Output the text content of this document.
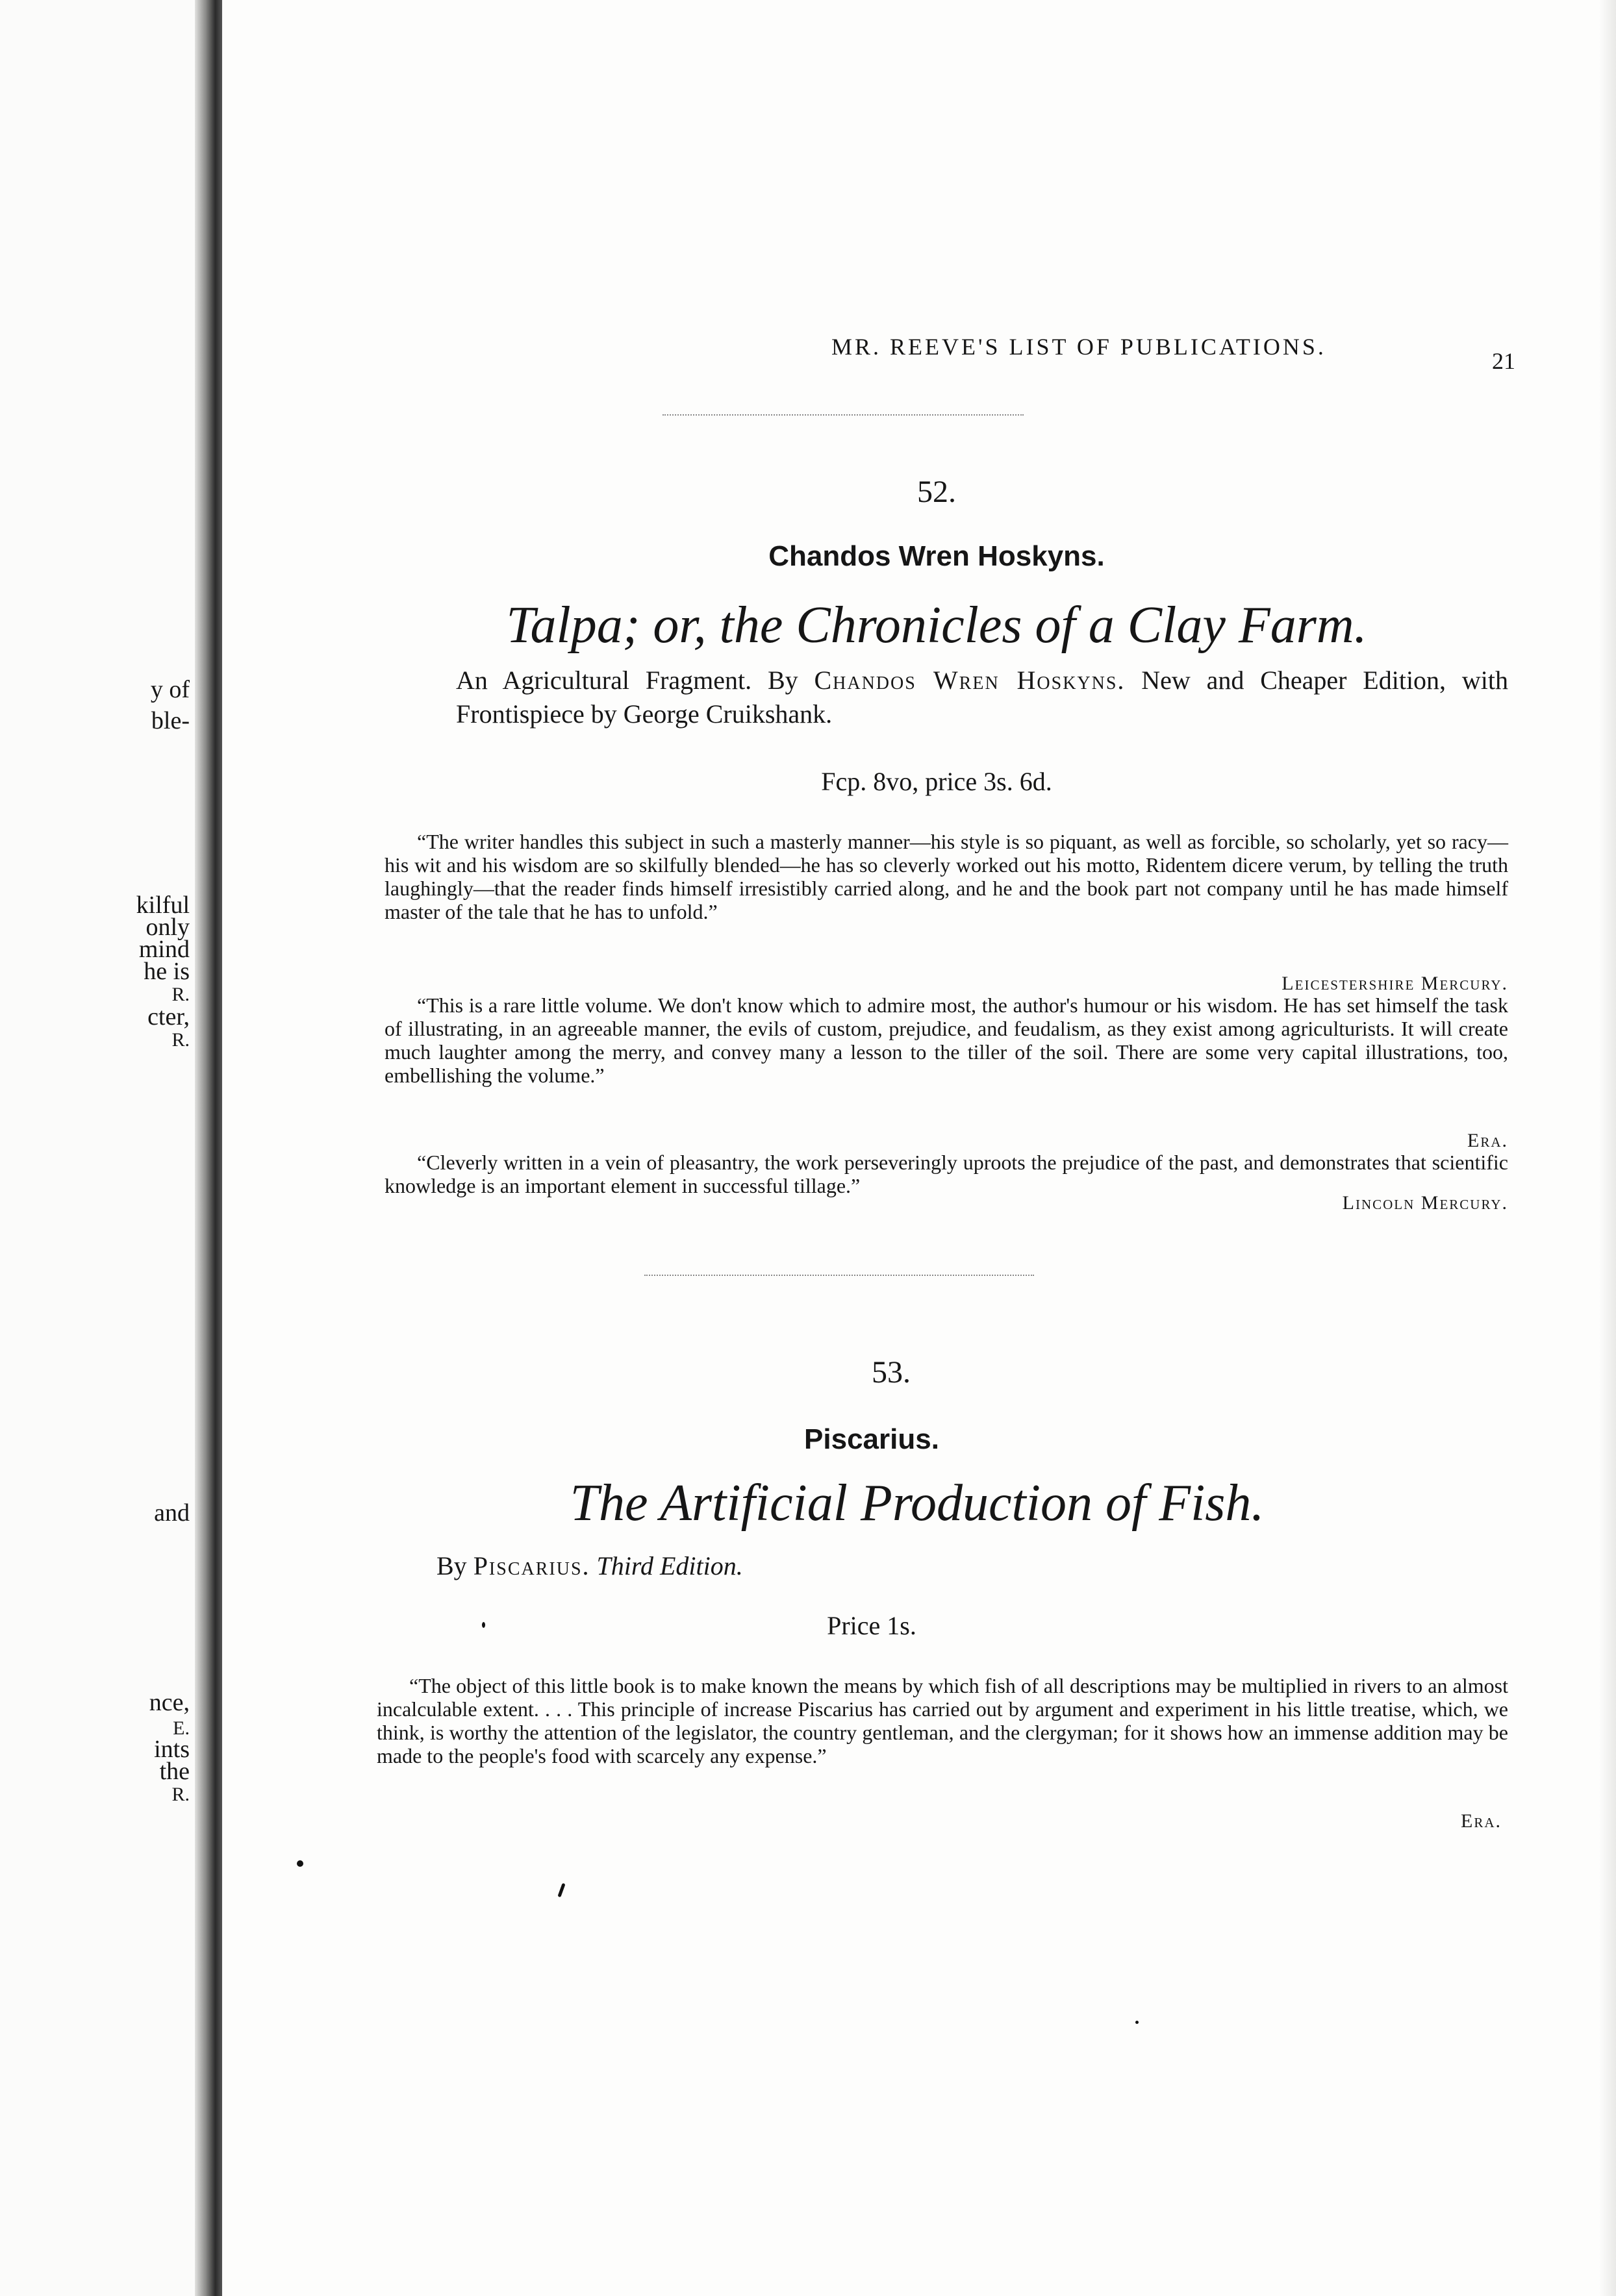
y of
ble-
kilful
only
mind
he is
R.
cter,
R.
and
nce,
E.
ints
the
R.
MR. REEVE'S LIST OF PUBLICATIONS.
21
52.
Chandos Wren Hoskyns.
Talpa; or, the Chronicles of a Clay Farm.
An Agricultural Fragment. By Chandos Wren Hoskyns. New and Cheaper Edition, with Frontispiece by George Cruikshank.
Fcp. 8vo, price 3s. 6d.
“The writer handles this subject in such a masterly manner—his style is so piquant, as well as forcible, so scholarly, yet so racy—his wit and his wisdom are so skilfully blended—he has so cleverly worked out his motto, Ridentem dicere verum, by telling the truth laughingly—that the reader finds himself irresistibly carried along, and he and the book part not company until he has made himself master of the tale that he has to unfold.”
Leicestershire Mercury.
“This is a rare little volume. We don't know which to admire most, the author's humour or his wisdom. He has set himself the task of illustrating, in an agreeable manner, the evils of custom, prejudice, and feudalism, as they exist among agriculturists. It will create much laughter among the merry, and convey many a lesson to the tiller of the soil. There are some very capital illustrations, too, embellishing the volume.”
Era.
“Cleverly written in a vein of pleasantry, the work perseveringly uproots the prejudice of the past, and demonstrates that scientific knowledge is an important element in successful tillage.”
Lincoln Mercury.
53.
Piscarius.
The Artificial Production of Fish.
By Piscarius. Third Edition.
Price 1s.
“The object of this little book is to make known the means by which fish of all descriptions may be multiplied in rivers to an almost incalculable extent. . . . This principle of increase Piscarius has carried out by argument and experiment in his little treatise, which, we think, is worthy the attention of the legislator, the country gentleman, and the clergyman; for it shows how an immense addition may be made to the people's food with scarcely any expense.”
Era.
